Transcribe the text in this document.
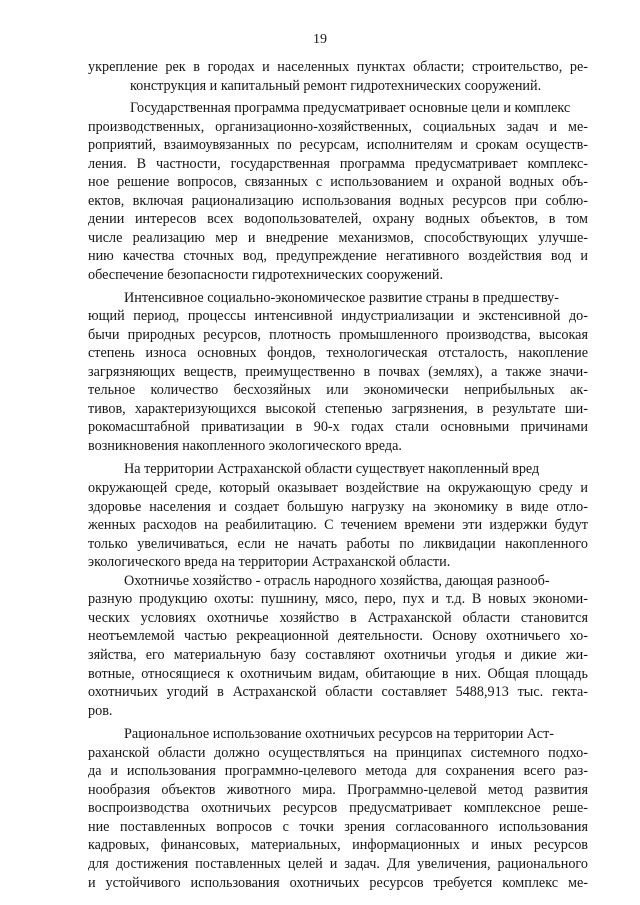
19

укрепление рек в городах и населенных пунктах области; строительство, ре-
конструкция и капитальный ремонт гидротехнических сооружений.

Государственная программа предусматривает основные цели и комплекс
производственных, организационно-хозяйственных, социальных задач и ме-
роприятий, взаимоувязанных по ресурсам, исполнителям и срокам осуществ-
ления. В частности, государственная программа предусматривает комплекс-
ное решение вопросов, связанных с использованием и охраной водных объ-
ектов, включая рационализацию использования водных ресурсов при соблю-
дении интересов всех водопользователей, охрану водных объектов, в том
числе реализацию мер и внедрение механизмов, способствующих улучше-
нию качества сточных вод, предупреждение негативного воздействия вод и
обеспечение безопасности гидротехнических сооружений.

Интенсивное социально-экономическое развитие страны в предшеству-
ющий период, процессы интенсивной индустриализации и экстенсивной до-
бычи природных ресурсов, плотность промышленного производства, высокая
степень износа основных фондов, технологическая отсталость, накопление
загрязняющих веществ, преимущественно в почвах (землях), а также значи-
тельное количество бесхозяйных или экономически неприбыльных ак-
тивов, характеризующихся высокой степенью загрязнения, в результате ши-
рокомасштабной приватизации в 90-х годах стали основными причинами
возникновения накопленного экологического вреда.

На территории Астраханской области существует накопленный вред
окружающей среде, который оказывает воздействие на окружающую среду и
здоровье населения и создает большую нагрузку на экономику в виде отло-
женных расходов на реабилитацию. С течением времени эти издержки будут
только увеличиваться, если не начать работы по ликвидации накопленного
экологического вреда на территории Астраханской области.

Охотничье хозяйство - отрасль народного хозяйства, дающая разнооб-
разную продукцию охоты: пушнину, мясо, перо, пух и т.д. В новых экономи-
ческих условиях охотничье хозяйство в Астраханской области становится
неотъемлемой частью рекреационной деятельности. Основу охотничьего хо-
зяйства, его материальную базу составляют охотничьи угодья и дикие жи-
вотные, относящиеся к охотничьим видам, обитающие в них. Общая площадь
охотничьих угодий в Астраханской области составляет 5488,913 тыс. гекта-
ров.

Рациональное использование охотничьих ресурсов на территории Аст-
раханской области должно осуществляться на принципах системного подхо-
да и использования программно-целевого метода для сохранения всего раз-
нообразия объектов животного мира. Программно-целевой метод развития
воспроизводства охотничьих ресурсов предусматривает комплексное реше-
ние поставленных вопросов с точки зрения согласованного использования
кадровых, финансовых, материальных, информационных и иных ресурсов
для достижения поставленных целей и задач. Для увеличения, рационального
и устойчивого использования охотничьих ресурсов требуется комплекс ме-
